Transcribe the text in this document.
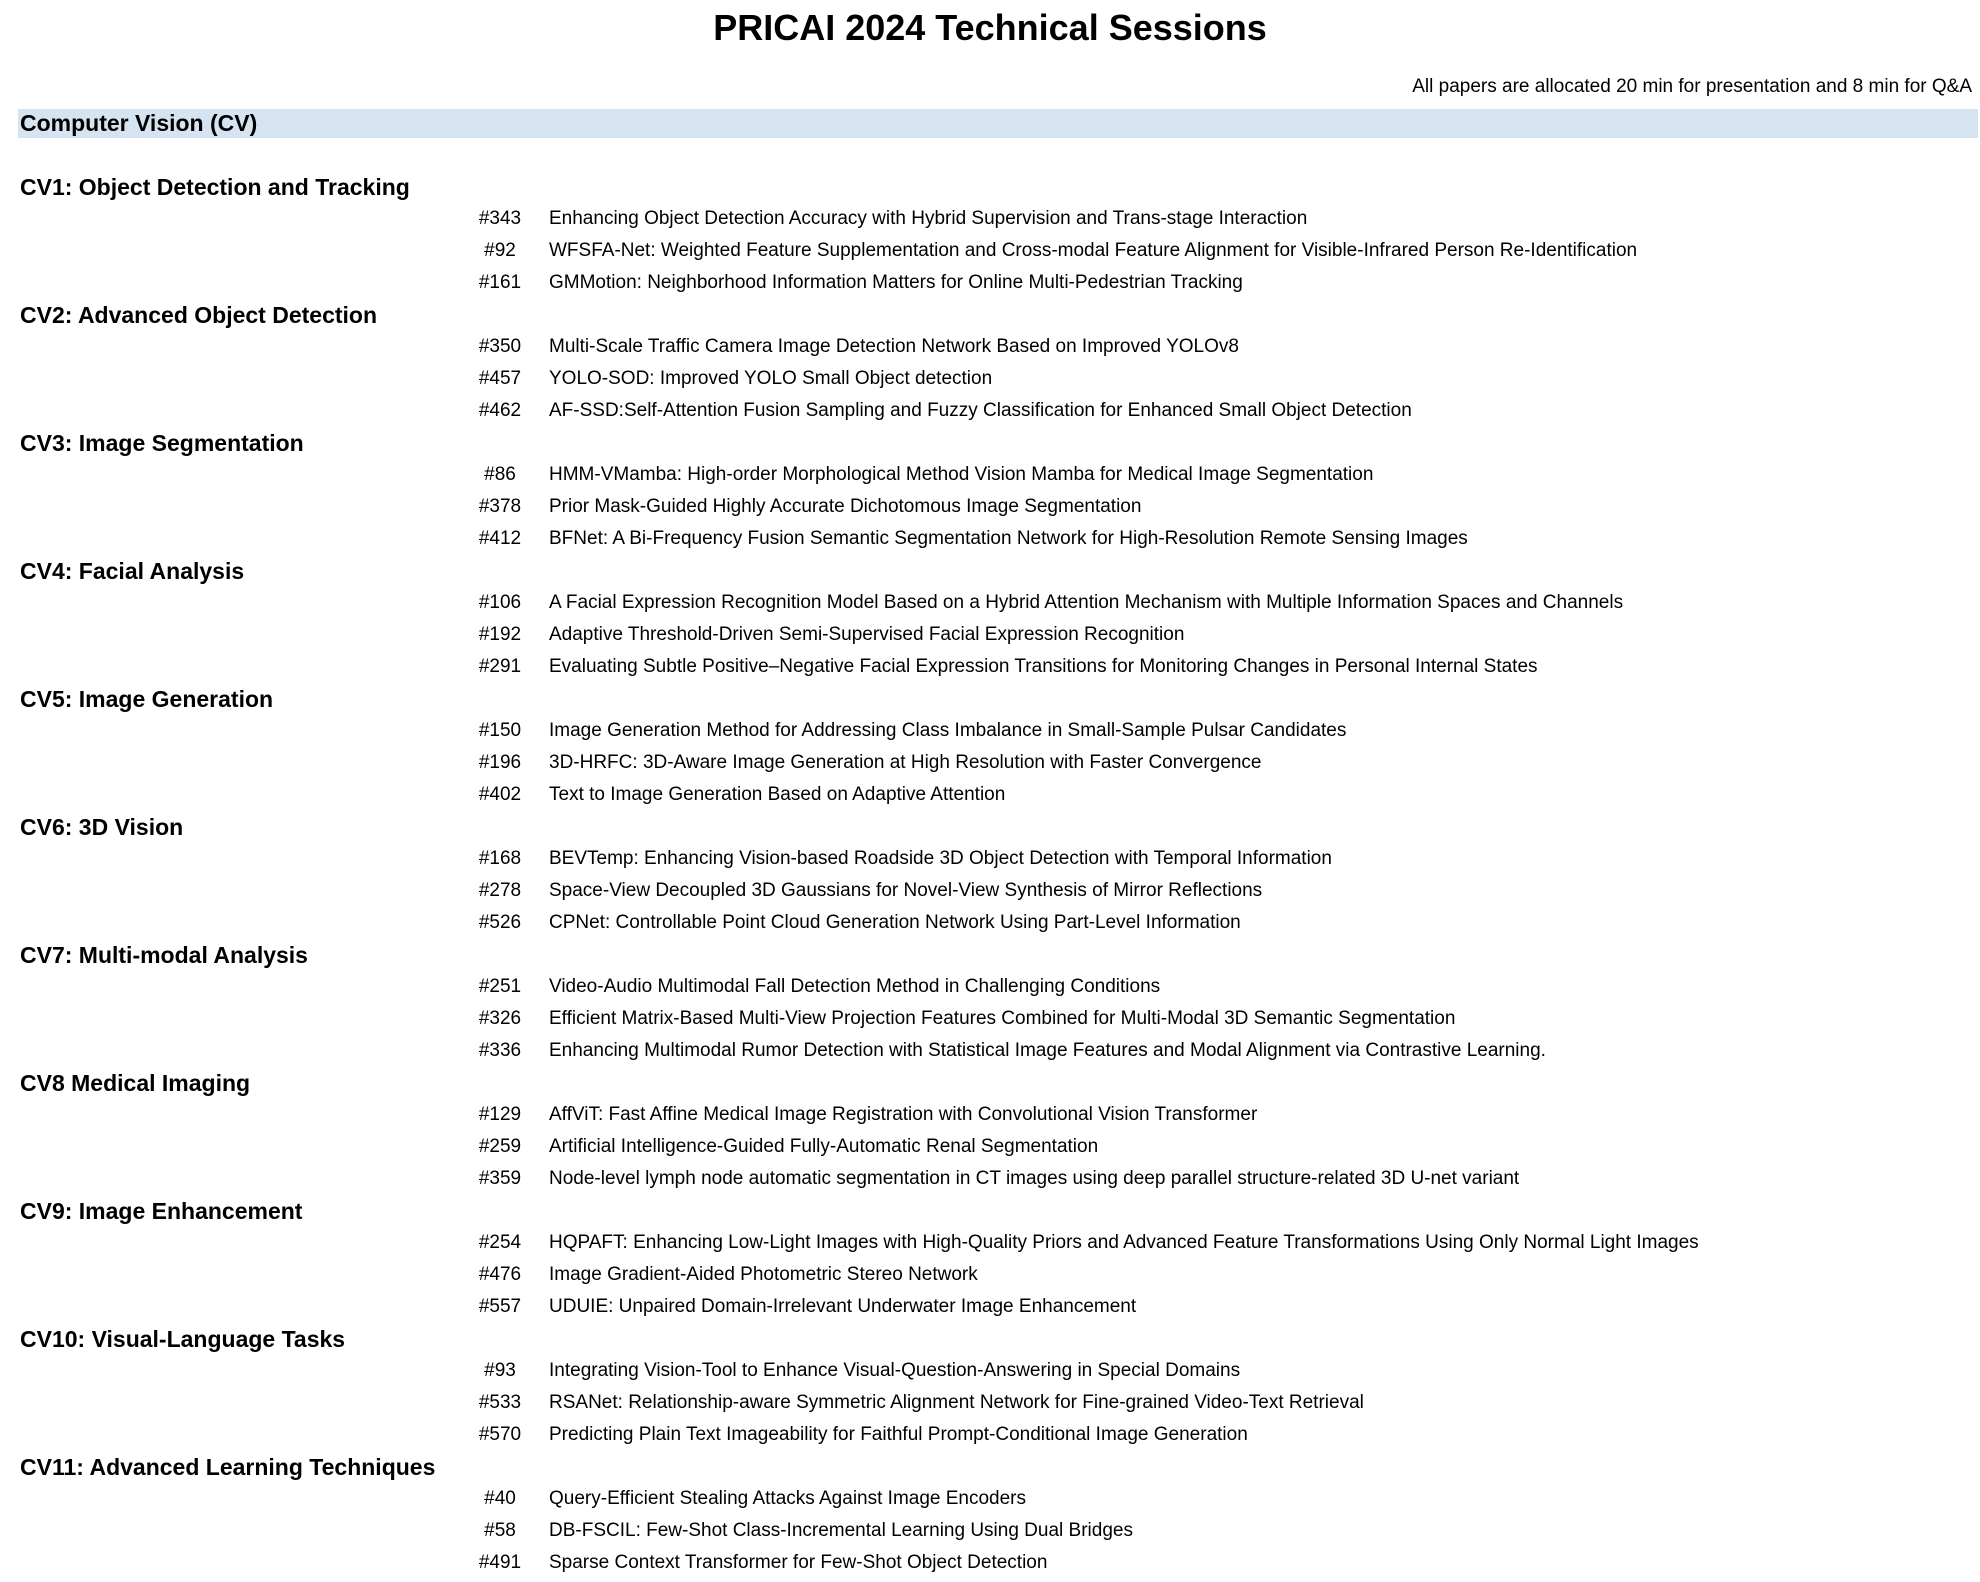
PRICAI 2024 Technical Sessions
All papers are allocated 20 min for presentation and 8 min for Q&A
Computer Vision (CV)
CV1: Object Detection and Tracking
#343	Enhancing Object Detection Accuracy with Hybrid Supervision and Trans-stage Interaction
#92	WFSFA-Net: Weighted Feature Supplementation and Cross-modal Feature Alignment for Visible-Infrared Person Re-Identification
#161	GMMotion: Neighborhood Information Matters for Online Multi-Pedestrian Tracking
CV2: Advanced Object Detection
#350	Multi-Scale Traffic Camera Image Detection Network Based on Improved YOLOv8
#457	YOLO-SOD: Improved YOLO Small Object detection
#462	AF-SSD:Self-Attention Fusion Sampling and Fuzzy Classification for Enhanced Small Object Detection
CV3: Image Segmentation
#86	HMM-VMamba: High-order Morphological Method Vision Mamba for Medical Image Segmentation
#378	Prior Mask-Guided Highly Accurate Dichotomous Image Segmentation
#412	BFNet: A Bi-Frequency Fusion Semantic Segmentation Network for High-Resolution Remote Sensing Images
CV4: Facial Analysis
#106	A Facial Expression Recognition Model Based on a Hybrid Attention Mechanism with Multiple Information Spaces and Channels
#192	Adaptive Threshold-Driven Semi-Supervised Facial Expression Recognition
#291	Evaluating Subtle Positive–Negative Facial Expression Transitions for Monitoring Changes in Personal Internal States
CV5: Image Generation
#150	Image Generation Method for Addressing Class Imbalance in Small-Sample Pulsar Candidates
#196	3D-HRFC: 3D-Aware Image Generation at High Resolution with Faster Convergence
#402	Text to Image Generation Based on Adaptive Attention
CV6: 3D Vision
#168	BEVTemp: Enhancing Vision-based Roadside 3D Object Detection with Temporal Information
#278	Space-View Decoupled 3D Gaussians for Novel-View Synthesis of Mirror Reflections
#526	CPNet: Controllable Point Cloud Generation Network Using Part-Level Information
CV7: Multi-modal Analysis
#251	Video-Audio Multimodal Fall Detection Method in Challenging Conditions
#326	Efficient Matrix-Based Multi-View Projection Features Combined for Multi-Modal 3D Semantic Segmentation
#336	Enhancing Multimodal Rumor Detection with Statistical Image Features and Modal Alignment via Contrastive Learning.
CV8 Medical Imaging
#129	AffViT: Fast Affine Medical Image Registration with Convolutional Vision Transformer
#259	Artificial Intelligence-Guided Fully-Automatic Renal Segmentation
#359	Node-level lymph node automatic segmentation in CT images using deep parallel structure-related 3D U-net variant
CV9: Image Enhancement
#254	HQPAFT: Enhancing Low-Light Images with High-Quality Priors and Advanced Feature Transformations Using Only Normal Light Images
#476	Image Gradient-Aided Photometric Stereo Network
#557	UDUIE: Unpaired Domain-Irrelevant Underwater Image Enhancement
CV10: Visual-Language Tasks
#93	Integrating Vision-Tool to Enhance Visual-Question-Answering in Special Domains
#533	RSANet: Relationship-aware Symmetric Alignment Network for Fine-grained Video-Text Retrieval
#570	Predicting Plain Text Imageability for Faithful Prompt-Conditional Image Generation
CV11: Advanced Learning Techniques
#40	Query-Efficient Stealing Attacks Against Image Encoders
#58	DB-FSCIL: Few-Shot Class-Incremental Learning Using Dual Bridges
#491	Sparse Context Transformer for Few-Shot Object Detection
